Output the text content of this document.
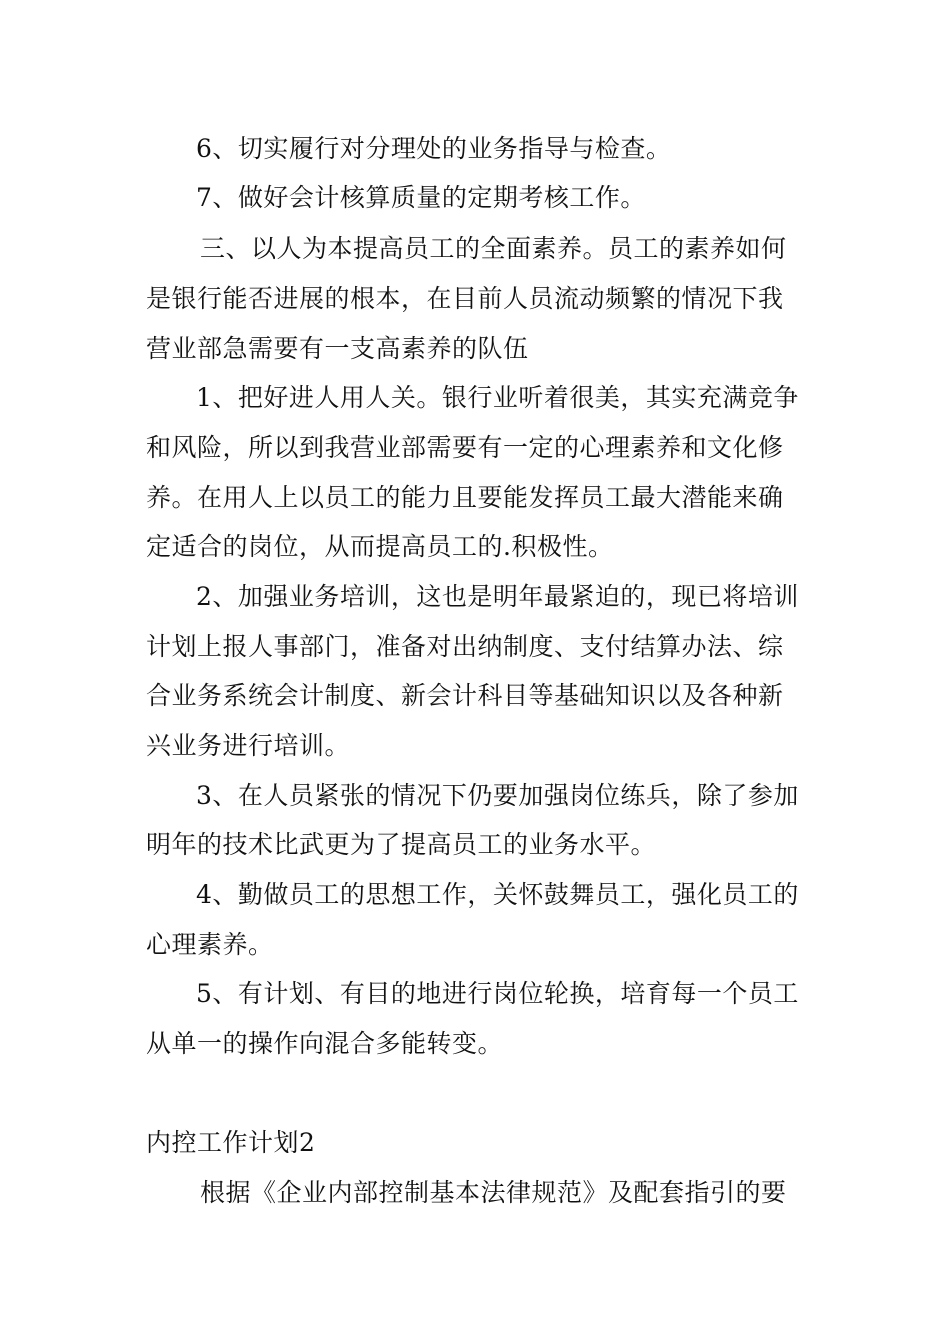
6、切实履行对分理处的业务指导与检查。
7、做好会计核算质量的定期考核工作。
三、以人为本提高员工的全面素养。员工的素养如何
是银行能否进展的根本，在目前人员流动频繁的情况下我
营业部急需要有一支高素养的队伍
1、把好进人用人关。银行业听着很美，其实充满竞争
和风险，所以到我营业部需要有一定的心理素养和文化修
养。在用人上以员工的能力且要能发挥员工最大潜能来确
定适合的岗位，从而提高员工的.积极性。
2、加强业务培训，这也是明年最紧迫的，现已将培训
计划上报人事部门，准备对出纳制度、支付结算办法、综
合业务系统会计制度、新会计科目等基础知识以及各种新
兴业务进行培训。
3、在人员紧张的情况下仍要加强岗位练兵，除了参加
明年的技术比武更为了提高员工的业务水平。
4、勤做员工的思想工作，关怀鼓舞员工，强化员工的
心理素养。
5、有计划、有目的地进行岗位轮换，培育每一个员工
从单一的操作向混合多能转变。
内控工作计划2
根据《企业内部控制基本法律规范》及配套指引的要
